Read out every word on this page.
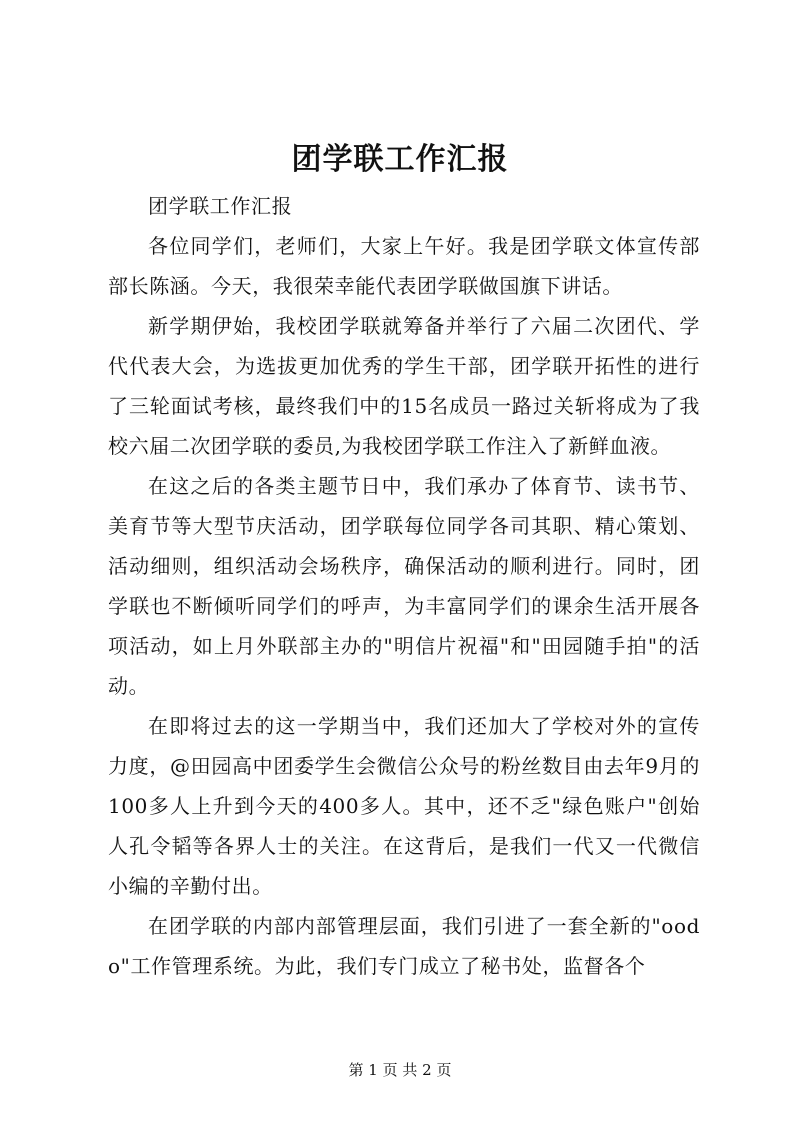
团学联工作汇报

团学联工作汇报

各位同学们，老师们，大家上午好。我是团学联文体宣传部部长陈涵。今天，我很荣幸能代表团学联做国旗下讲话。

新学期伊始，我校团学联就筹备并举行了六届二次团代、学代代表大会，为选拔更加优秀的学生干部，团学联开拓性的进行了三轮面试考核，最终我们中的15名成员一路过关斩将成为了我校六届二次团学联的委员,为我校团学联工作注入了新鲜血液。

在这之后的各类主题节日中，我们承办了体育节、读书节、美育节等大型节庆活动，团学联每位同学各司其职、精心策划、活动细则，组织活动会场秩序，确保活动的顺利进行。同时，团学联也不断倾听同学们的呼声，为丰富同学们的课余生活开展各项活动，如上月外联部主办的"明信片祝福"和"田园随手拍"的活动。

在即将过去的这一学期当中，我们还加大了学校对外的宣传力度，@田园高中团委学生会微信公众号的粉丝数目由去年9月的100多人上升到今天的400多人。其中，还不乏"绿色账户"创始人孔令韬等各界人士的关注。在这背后，是我们一代又一代微信小编的辛勤付出。

在团学联的内部内部管理层面，我们引进了一套全新的"oodo"工作管理系统。为此，我们专门成立了秘书处，监督各个

第 1 页 共 2 页
